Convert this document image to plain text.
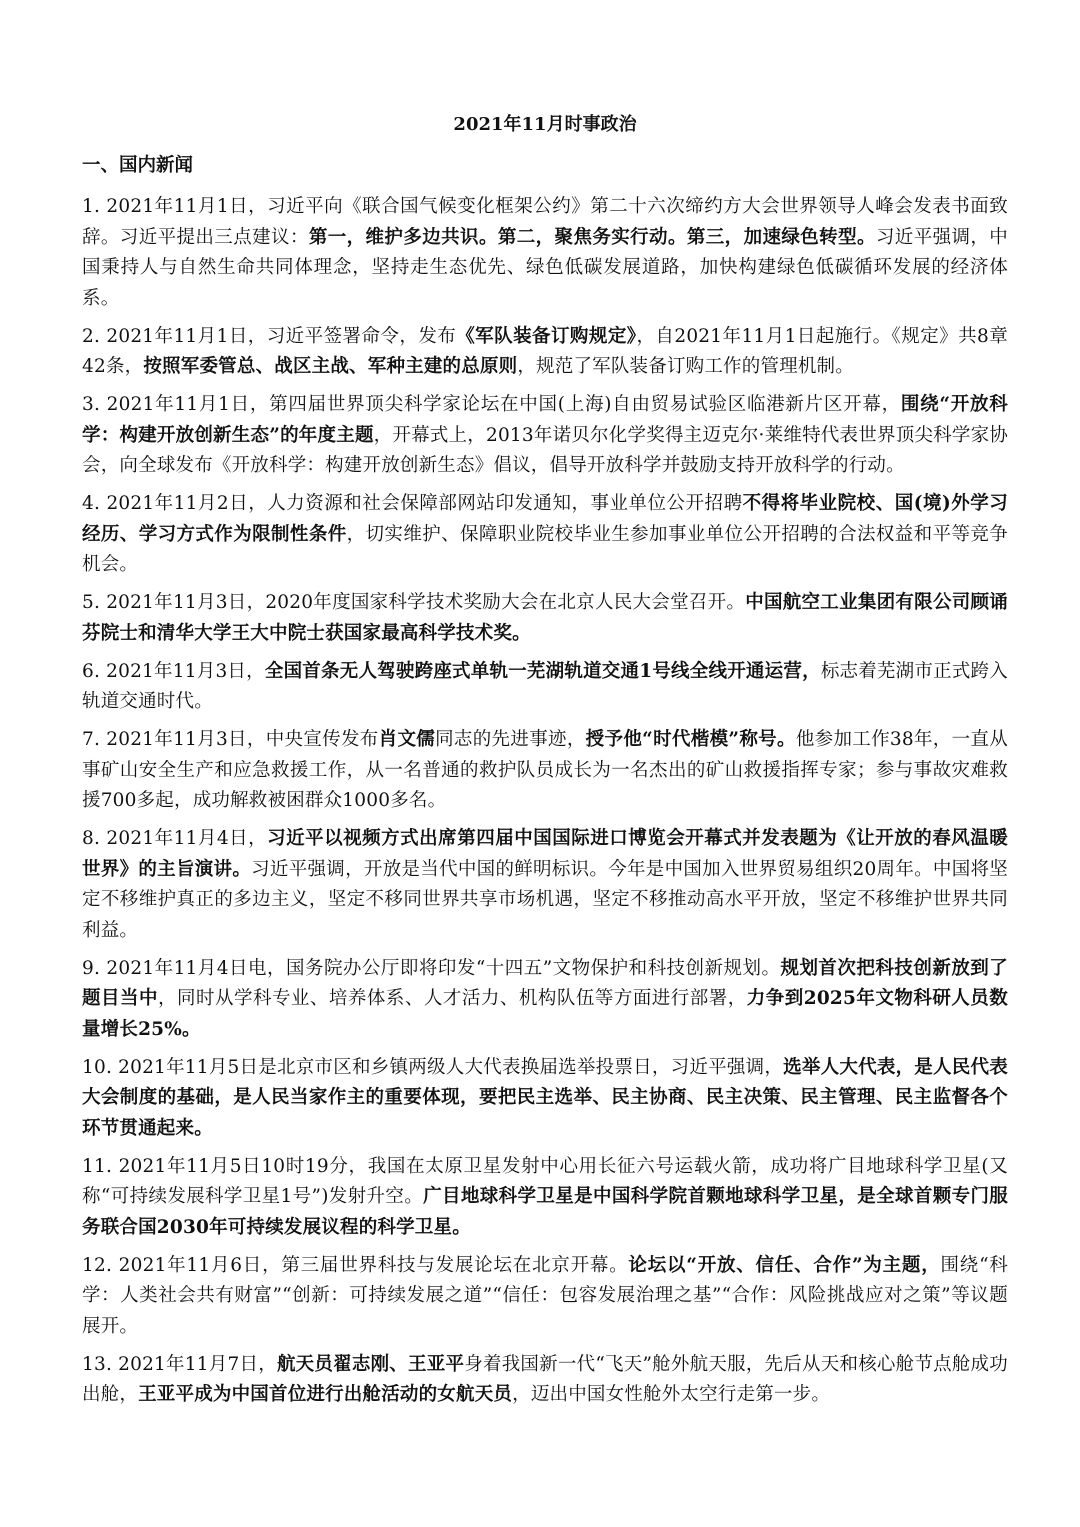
2021年11月时事政治
一、国内新闻

1. 2021年11月1日，习近平向《联合国气候变化框架公约》第二十六次缔约方大会世界领导人峰会发表书面致辞。习近平提出三点建议：第一，维护多边共识。第二，聚焦务实行动。第三，加速绿色转型。习近平强调，中国秉持人与自然生命共同体理念，坚持走生态优先、绿色低碳发展道路，加快构建绿色低碳循环发展的经济体系。

2. 2021年11月1日，习近平签署命令，发布《军队装备订购规定》，自2021年11月1日起施行。《规定》共8章42条，按照军委管总、战区主战、军种主建的总原则，规范了军队装备订购工作的管理机制。

3. 2021年11月1日，第四届世界顶尖科学家论坛在中国(上海)自由贸易试验区临港新片区开幕，围绕“开放科学：构建开放创新生态”的年度主题，开幕式上，2013年诺贝尔化学奖得主迈克尔·莱维特代表世界顶尖科学家协会，向全球发布《开放科学：构建开放创新生态》倡议，倡导开放科学并鼓励支持开放科学的行动。

4. 2021年11月2日，人力资源和社会保障部网站印发通知，事业单位公开招聘不得将毕业院校、国(境)外学习经历、学习方式作为限制性条件，切实维护、保障职业院校毕业生参加事业单位公开招聘的合法权益和平等竞争机会。

5. 2021年11月3日，2020年度国家科学技术奖励大会在北京人民大会堂召开。中国航空工业集团有限公司顾诵芬院士和清华大学王大中院士获国家最高科学技术奖。

6. 2021年11月3日，全国首条无人驾驶跨座式单轨一芜湖轨道交通1号线全线开通运营，标志着芜湖市正式跨入轨道交通时代。

7. 2021年11月3日，中央宣传发布肖文儒同志的先进事迹，授予他“时代楷模”称号。他参加工作38年，一直从事矿山安全生产和应急救援工作，从一名普通的救护队员成长为一名杰出的矿山救援指挥专家；参与事故灾难救援700多起，成功解救被困群众1000多名。

8. 2021年11月4日，习近平以视频方式出席第四届中国国际进口博览会开幕式并发表题为《让开放的春风温暖世界》的主旨演讲。习近平强调，开放是当代中国的鲜明标识。今年是中国加入世界贸易组织20周年。中国将坚定不移维护真正的多边主义，坚定不移同世界共享市场机遇，坚定不移推动高水平开放，坚定不移维护世界共同利益。

9. 2021年11月4日电，国务院办公厅即将印发“十四五”文物保护和科技创新规划。规划首次把科技创新放到了题目当中，同时从学科专业、培养体系、人才活力、机构队伍等方面进行部署，力争到2025年文物科研人员数量增长25%。

10. 2021年11月5日是北京市区和乡镇两级人大代表换届选举投票日，习近平强调，选举人大代表，是人民代表大会制度的基础，是人民当家作主的重要体现，要把民主选举、民主协商、民主决策、民主管理、民主监督各个环节贯通起来。

11. 2021年11月5日10时19分，我国在太原卫星发射中心用长征六号运载火箭，成功将广目地球科学卫星(又称“可持续发展科学卫星1号”)发射升空。广目地球科学卫星是中国科学院首颗地球科学卫星，是全球首颗专门服务联合国2030年可持续发展议程的科学卫星。

12. 2021年11月6日，第三届世界科技与发展论坛在北京开幕。论坛以“开放、信任、合作”为主题，围绕“科学：人类社会共有财富”“创新：可持续发展之道”“信任：包容发展治理之基”“合作：风险挑战应对之策”等议题展开。

13. 2021年11月7日，航天员翟志刚、王亚平身着我国新一代“飞天”舱外航天服，先后从天和核心舱节点舱成功出舱，王亚平成为中国首位进行出舱活动的女航天员，迈出中国女性舱外太空行走第一步。
